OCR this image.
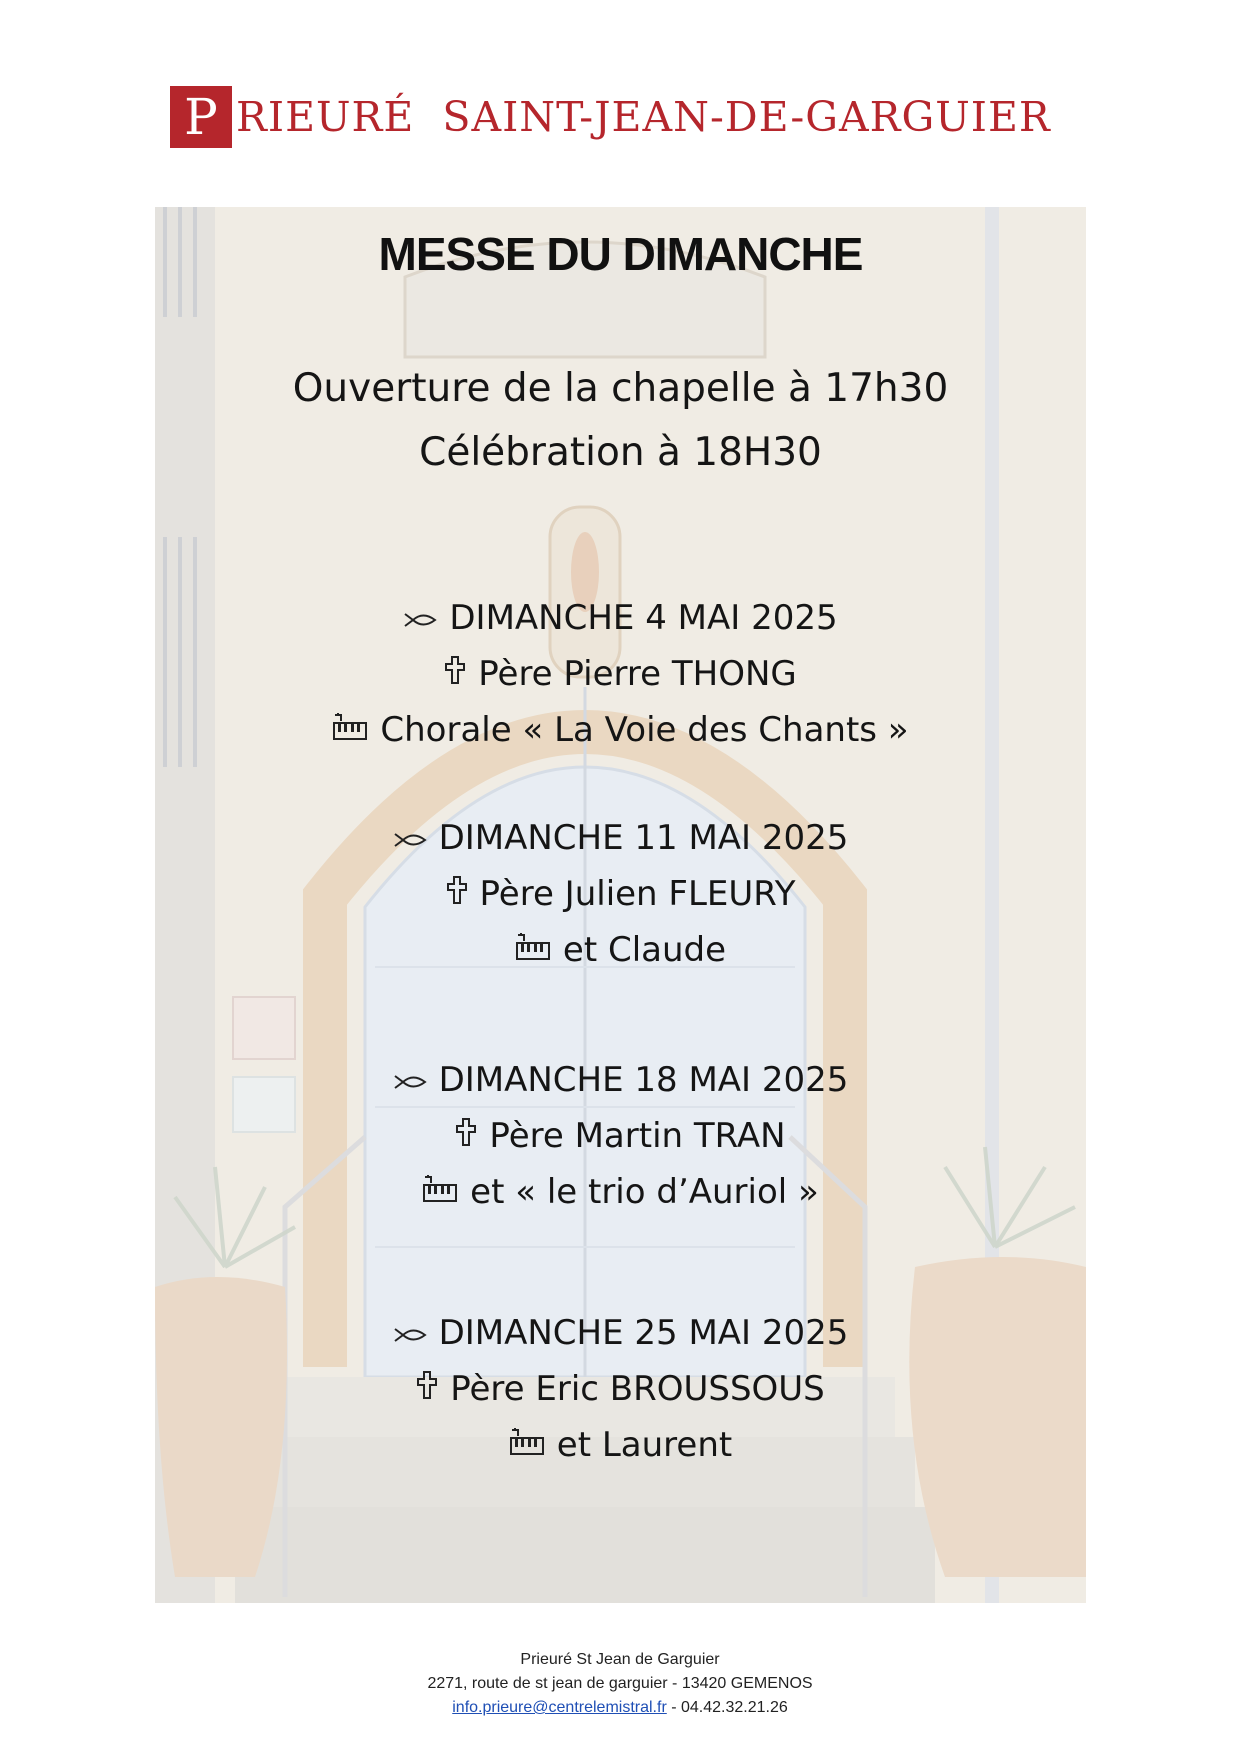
P RIEURÉ  SAINT-JEAN-DE-GARGUIER
MESSE DU DIMANCHE
Ouverture de la chapelle à 17h30
Célébration à 18H30
DIMANCHE 4 MAI 2025
Père Pierre THONG
Chorale « La Voie des Chants »
DIMANCHE 11 MAI 2025
Père Julien FLEURY
et Claude
DIMANCHE 18 MAI 2025
Père Martin TRAN
et « le trio d’Auriol »
DIMANCHE 25 MAI 2025
Père Eric BROUSSOUS
et Laurent
Prieuré St Jean de Garguier
2271, route de st jean de garguier - 13420 GEMENOS
info.prieure@centrelemistral.fr - 04.42.32.21.26
